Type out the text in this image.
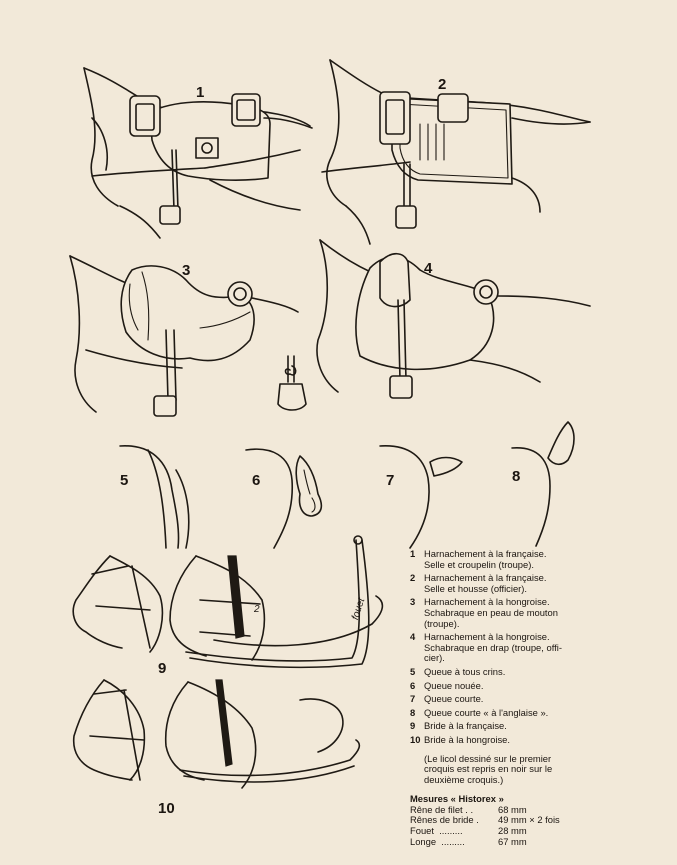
1	2
3	4
5	6	7	8
9
10
2	fouet
1 Harnachement à la française.
Selle et croupelin (troupe).
2 Harnachement à la française.
Selle et housse (officier).
3 Harnachement à la hongroise.
Schabraque en peau de mouton
(troupe).
4 Harnachement à la hongroise.
Schabraque en drap (troupe, offi-
cier).
5 Queue à tous crins.
6 Queue nouée.
7 Queue courte.
8 Queue courte « à l'anglaise ».
9 Bride à la française.
10 Bride à la hongroise.
(Le licol dessiné sur le premier
croquis est repris en noir sur le
deuxième croquis.)
Mesures « Historex »
Rêne de filet . .	68 mm
Rênes de bride .	49 mm × 2 fois
Fouet  .........	28 mm
Longe  .........	67 mm
